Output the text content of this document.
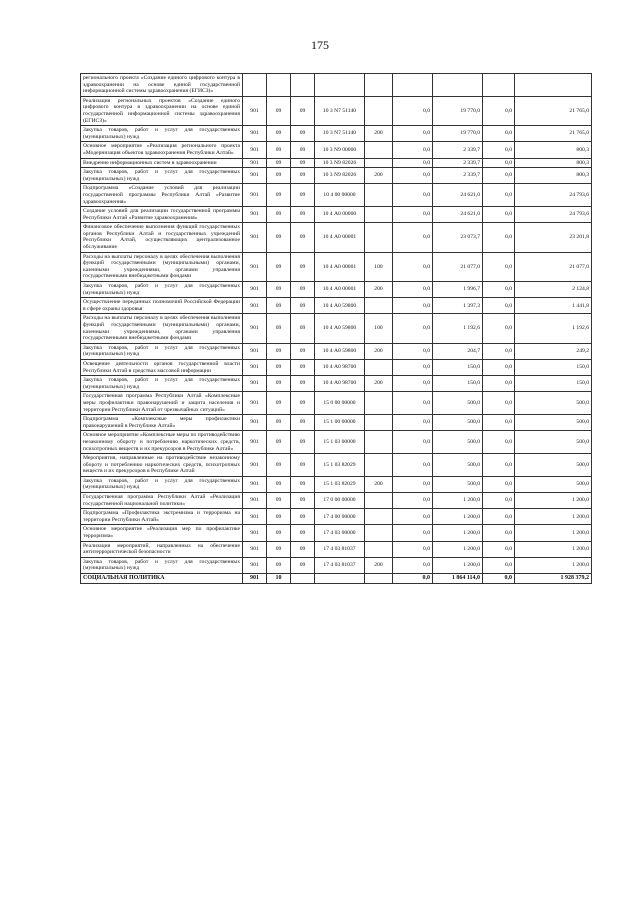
175
регионального проекта «Создание единого цифрового контура в здравоохранении на основе единой государственной информационной системы здравоохранения (ЕГИСЗ)»									
Реализация региональных проектов «Создание единого цифрового контура в здравоохранении на основе единой государственной информационной системы здравоохранения (ЕГИСЗ)»	901	09	09	10 3 N7 51140		0,0	19 770,0	0,0	21 765,0
Закупка товаров, работ и услуг для государственных (муниципальных) нужд	901	09	09	10 3 N7 51140	200	0,0	19 770,0	0,0	21 765,0
Основное мероприятие «Реализация регионального проекта «Модернизация объектов здравоохранения Республики Алтай»	901	09	09	10 3 N9 00000		0,0	2 339,7	0,0	800,3
Внедрение информационных систем в здравоохранении	901	09	09	10 3 N9 82026		0,0	2 339,7	0,0	800,3
Закупка товаров, работ и услуг для государственных (муниципальных) нужд	901	09	09	10 3 N9 82026	200	0,0	2 339,7	0,0	800,3
Подпрограмма «Создание условий для реализации государственной программы Республики Алтай «Развитие здравоохранения»	901	09	09	10 4 00 00000		0,0	24 621,0	0,0	24 793,6
Создание условий для реализации государственной программы Республики Алтай «Развитие здравоохранения»	901	09	09	10 4 А0 00000		0,0	24 621,0	0,0	24 793,6
Финансовое обеспечение выполнения функций государственных органов Республики Алтай и государственных учреждений Республики Алтай, осуществляющих централизованное обслуживание	901	09	09	10 4 А0 00001		0,0	23 073,7	0,0	23 201,8
Расходы на выплаты персоналу в целях обеспечения выполнения функций государственными (муниципальными) органами, казенными учреждениями, органами управления государственными внебюджетными фондами	901	09	09	10 4 А0 00001	100	0,0	21 077,0	0,0	21 077,0
Закупка товаров, работ и услуг для государственных (муниципальных) нужд	901	09	09	10 4 А0 00001	200	0,0	1 996,7	0,0	2 124,8
Осуществление переданных полномочий Российской Федерации в сфере охраны здоровья	901	09	09	10 4 А0 59800		0,0	1 397,3	0,0	1 441,8
Расходы на выплаты персоналу в целях обеспечения выполнения функций государственными (муниципальными) органами, казенными учреждениями, органами управления государственными внебюджетными фондами	901	09	09	10 4 А0 59800	100	0,0	1 192,6	0,0	1 192,6
Закупка товаров, работ и услуг для государственных (муниципальных) нужд	901	09	09	10 4 А0 59800	200	0,0	204,7	0,0	249,2
Освещение деятельности органов государственной власти Республики Алтай в средствах массовой информации	901	09	09	10 4 А0 98700		0,0	150,0	0,0	150,0
Закупка товаров, работ и услуг для государственных (муниципальных) нужд	901	09	09	10 4 А0 98700	200	0,0	150,0	0,0	150,0
Государственная программа Республики Алтай «Комплексные меры профилактики правонарушений и защита населения и территории Республики Алтай от чрезвычайных ситуаций»	901	09	09	15 0 00 00000		0,0	500,0	0,0	500,0
Подпрограмма «Комплексные меры профилактики правонарушений в Республике Алтай»	901	09	09	15 1 00 00000		0,0	500,0	0,0	500,0
Основное мероприятие «Комплексные меры по противодействию незаконному обороту и потреблению наркотических средств, психотропных веществ и их прекурсоров в Республике Алтай»	901	09	09	15 1 03 00000		0,0	500,0	0,0	500,0
Мероприятия, направленные на противодействие незаконному обороту и потреблению наркотических средств, психотропных веществ и их прекурсоров в Республике Алтай	901	09	09	15 1 03 82029		0,0	500,0	0,0	500,0
Закупка товаров, работ и услуг для государственных (муниципальных) нужд	901	09	09	15 1 03 82029	200	0,0	500,0	0,0	500,0
Государственная программа Республики Алтай «Реализация государственной национальной политики»	901	09	09	17 0 00 00000		0,0	1 200,0	0,0	1 200,0
Подпрограмма «Профилактика экстремизма и терроризма на территории Республики Алтай»	901	09	09	17 4 00 00000		0,0	1 200,0	0,0	1 200,0
Основное мероприятие «Реализация мер по профилактике терроризма»	901	09	09	17 4 03 00000		0,0	1 200,0	0,0	1 200,0
Реализация мероприятий, направленных на обеспечение антитеррористической безопасности	901	09	09	17 4 03 81037		0,0	1 200,0	0,0	1 200,0
Закупка товаров, работ и услуг для государственных (муниципальных) нужд	901	09	09	17 4 03 81037	200	0,0	1 200,0	0,0	1 200,0
СОЦИАЛЬНАЯ ПОЛИТИКА	901	10				0,0	1 864 114,0	0,0	1 928 379,2
